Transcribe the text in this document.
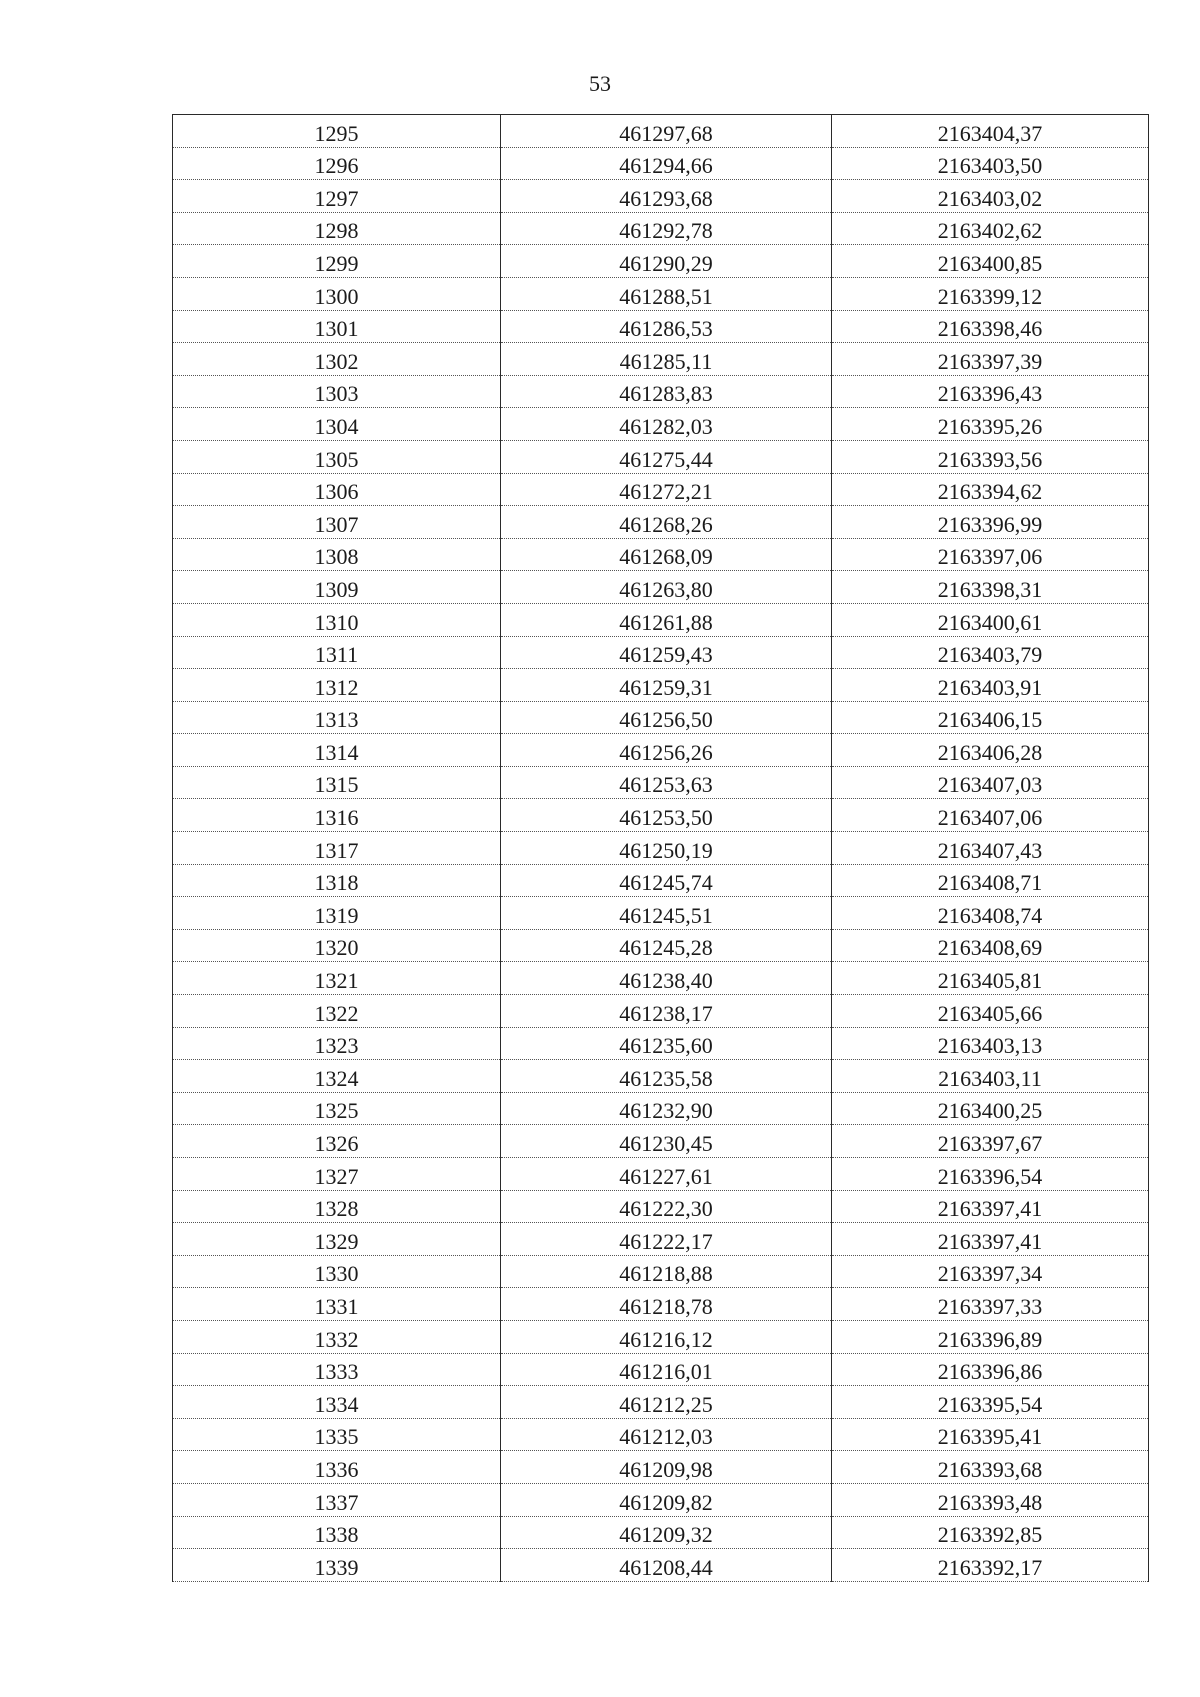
53
1295	461297,68	2163404,37
1296	461294,66	2163403,50
1297	461293,68	2163403,02
1298	461292,78	2163402,62
1299	461290,29	2163400,85
1300	461288,51	2163399,12
1301	461286,53	2163398,46
1302	461285,11	2163397,39
1303	461283,83	2163396,43
1304	461282,03	2163395,26
1305	461275,44	2163393,56
1306	461272,21	2163394,62
1307	461268,26	2163396,99
1308	461268,09	2163397,06
1309	461263,80	2163398,31
1310	461261,88	2163400,61
1311	461259,43	2163403,79
1312	461259,31	2163403,91
1313	461256,50	2163406,15
1314	461256,26	2163406,28
1315	461253,63	2163407,03
1316	461253,50	2163407,06
1317	461250,19	2163407,43
1318	461245,74	2163408,71
1319	461245,51	2163408,74
1320	461245,28	2163408,69
1321	461238,40	2163405,81
1322	461238,17	2163405,66
1323	461235,60	2163403,13
1324	461235,58	2163403,11
1325	461232,90	2163400,25
1326	461230,45	2163397,67
1327	461227,61	2163396,54
1328	461222,30	2163397,41
1329	461222,17	2163397,41
1330	461218,88	2163397,34
1331	461218,78	2163397,33
1332	461216,12	2163396,89
1333	461216,01	2163396,86
1334	461212,25	2163395,54
1335	461212,03	2163395,41
1336	461209,98	2163393,68
1337	461209,82	2163393,48
1338	461209,32	2163392,85
1339	461208,44	2163392,17
